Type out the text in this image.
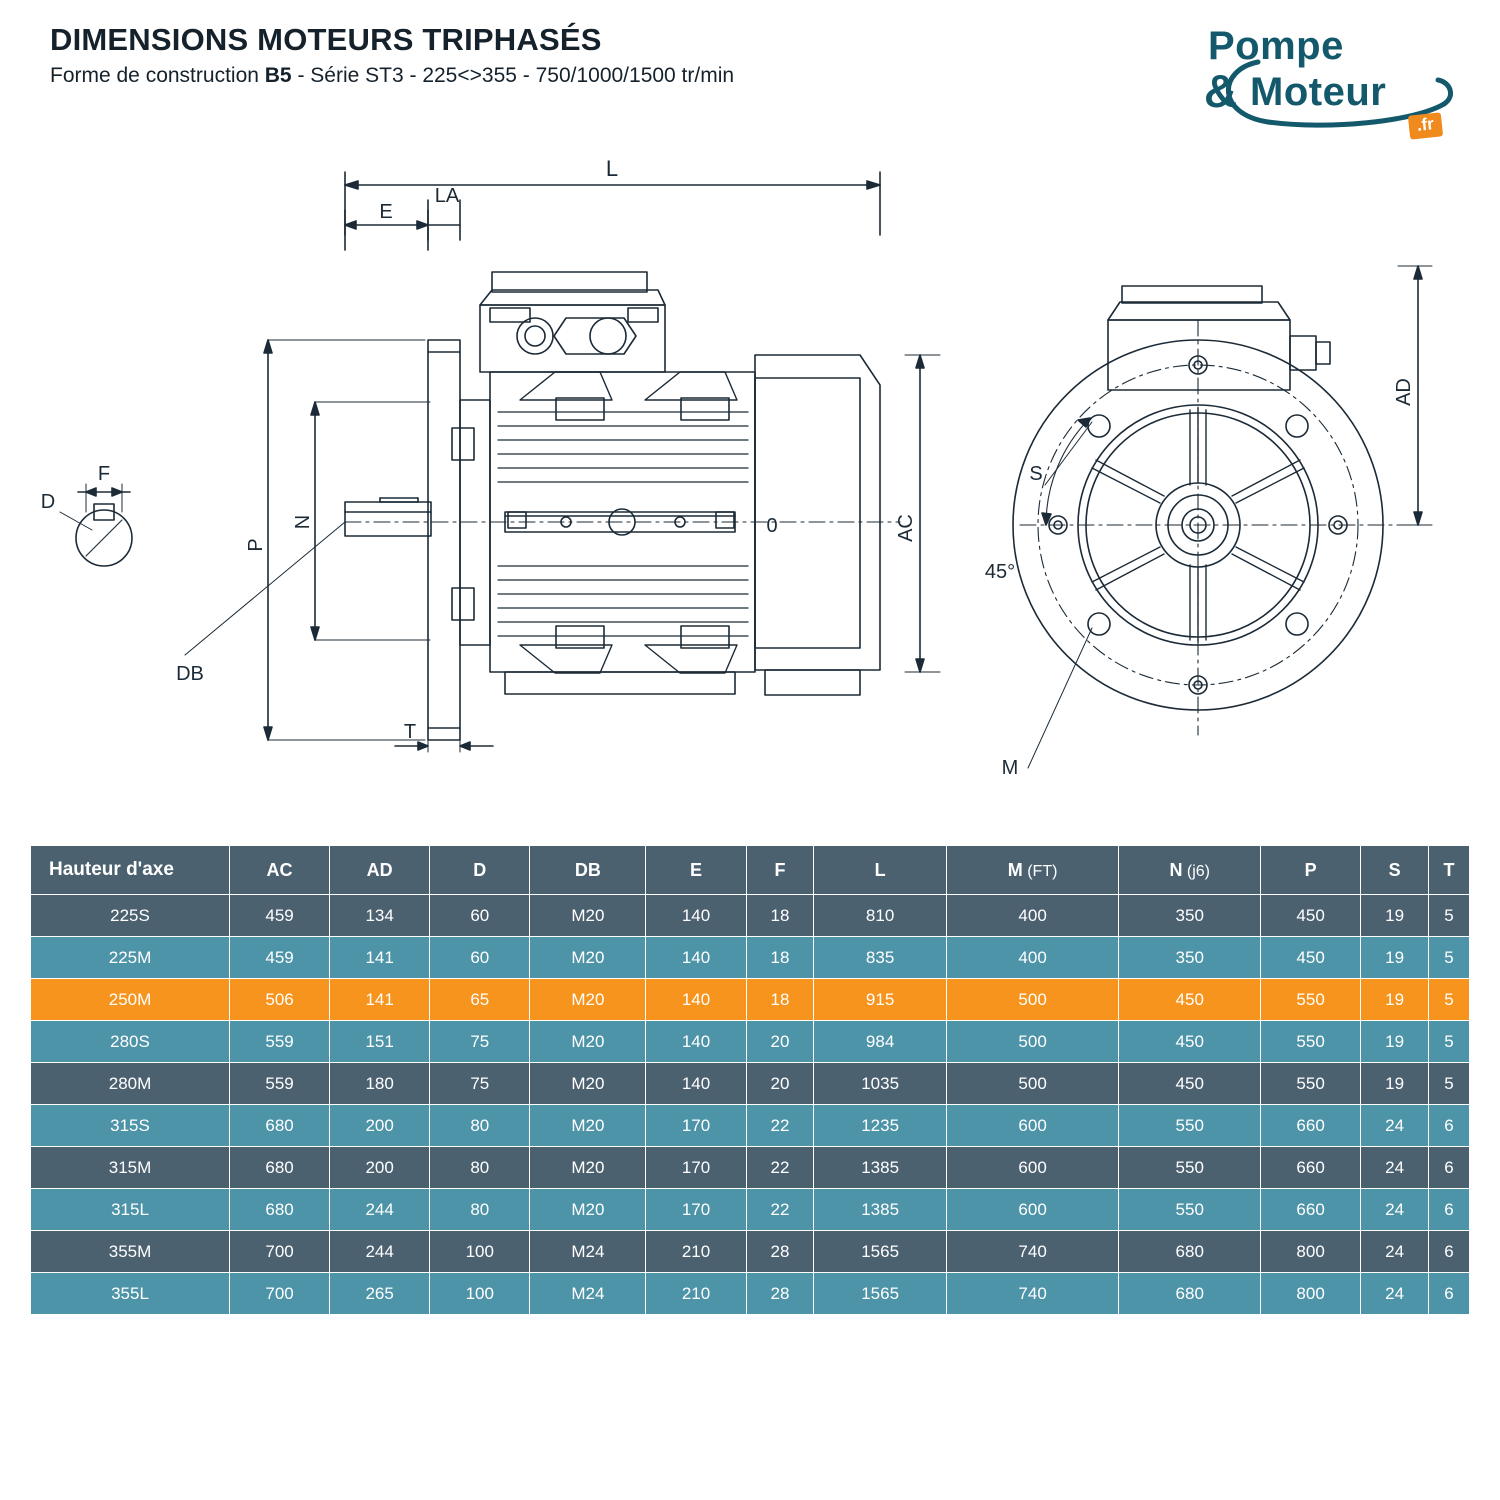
DIMENSIONS MOTEURS TRIPHASÉS
Forme de construction B5 - Série ST3 - 225<>355 - 750/1000/1500 tr/min
Pompe
& Moteur
.fr
L
E
LA
P
N	AC
0
T
F
D
DB
45°
S
M
AD
Hauteur d'axe	AC	AD	D	DB	E	F	L	M (FT)	N (j6)	P	S	T
225S	459	134	60	M20	140	18	810	400	350	450	19	5
225M	459	141	60	M20	140	18	835	400	350	450	19	5
250M	506	141	65	M20	140	18	915	500	450	550	19	5
280S	559	151	75	M20	140	20	984	500	450	550	19	5
280M	559	180	75	M20	140	20	1035	500	450	550	19	5
315S	680	200	80	M20	170	22	1235	600	550	660	24	6
315M	680	200	80	M20	170	22	1385	600	550	660	24	6
315L	680	244	80	M20	170	22	1385	600	550	660	24	6
355M	700	244	100	M24	210	28	1565	740	680	800	24	6
355L	700	265	100	M24	210	28	1565	740	680	800	24	6
